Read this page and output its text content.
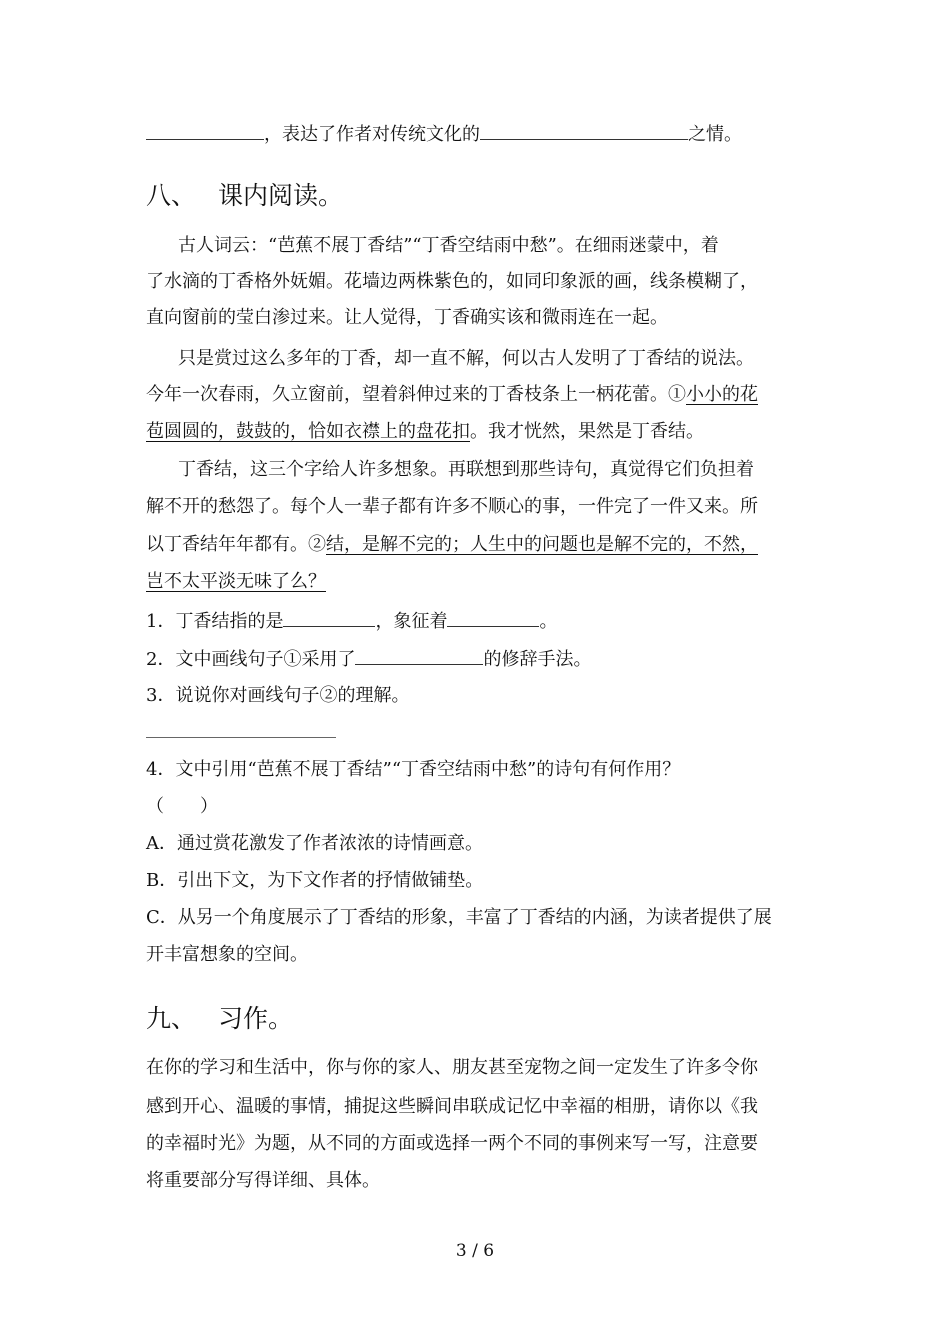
，表达了作者对传统文化的	之情。
八、 课内阅读。
古人词云：“芭蕉不展丁香结”“丁香空结雨中愁”。在细雨迷蒙中，着
了水滴的丁香格外妩媚。花墙边两株紫色的，如同印象派的画，线条模糊了，
直向窗前的莹白渗过来。让人觉得，丁香确实该和微雨连在一起。
只是赏过这么多年的丁香，却一直不解，何以古人发明了丁香结的说法。
今年一次春雨，久立窗前，望着斜伸过来的丁香枝条上一柄花蕾。①小小的花
苞圆圆的，鼓鼓的，恰如衣襟上的盘花扣。我才恍然，果然是丁香结。
丁香结，这三个字给人许多想象。再联想到那些诗句，真觉得它们负担着
解不开的愁怨了。每个人一辈子都有许多不顺心的事，一件完了一件又来。所
以丁香结年年都有。②结，是解不完的；人生中的问题也是解不完的，不然，
岂不太平淡无味了么？
1．丁香结指的是	，象征着	。
2．文中画线句子①采用了	的修辞手法。
3．说说你对画线句子②的理解。
4．文中引用“芭蕉不展丁香结”“丁香空结雨中愁”的诗句有何作用？
（　　）
A．通过赏花激发了作者浓浓的诗情画意。
B．引出下文，为下文作者的抒情做铺垫。
C．从另一个角度展示了丁香结的形象，丰富了丁香结的内涵，为读者提供了展
开丰富想象的空间。
九、 习作。
在你的学习和生活中，你与你的家人、朋友甚至宠物之间一定发生了许多令你
感到开心、温暖的事情，捕捉这些瞬间串联成记忆中幸福的相册，请你以《我
的幸福时光》为题，从不同的方面或选择一两个不同的事例来写一写，注意要
将重要部分写得详细、具体。
3 / 6
